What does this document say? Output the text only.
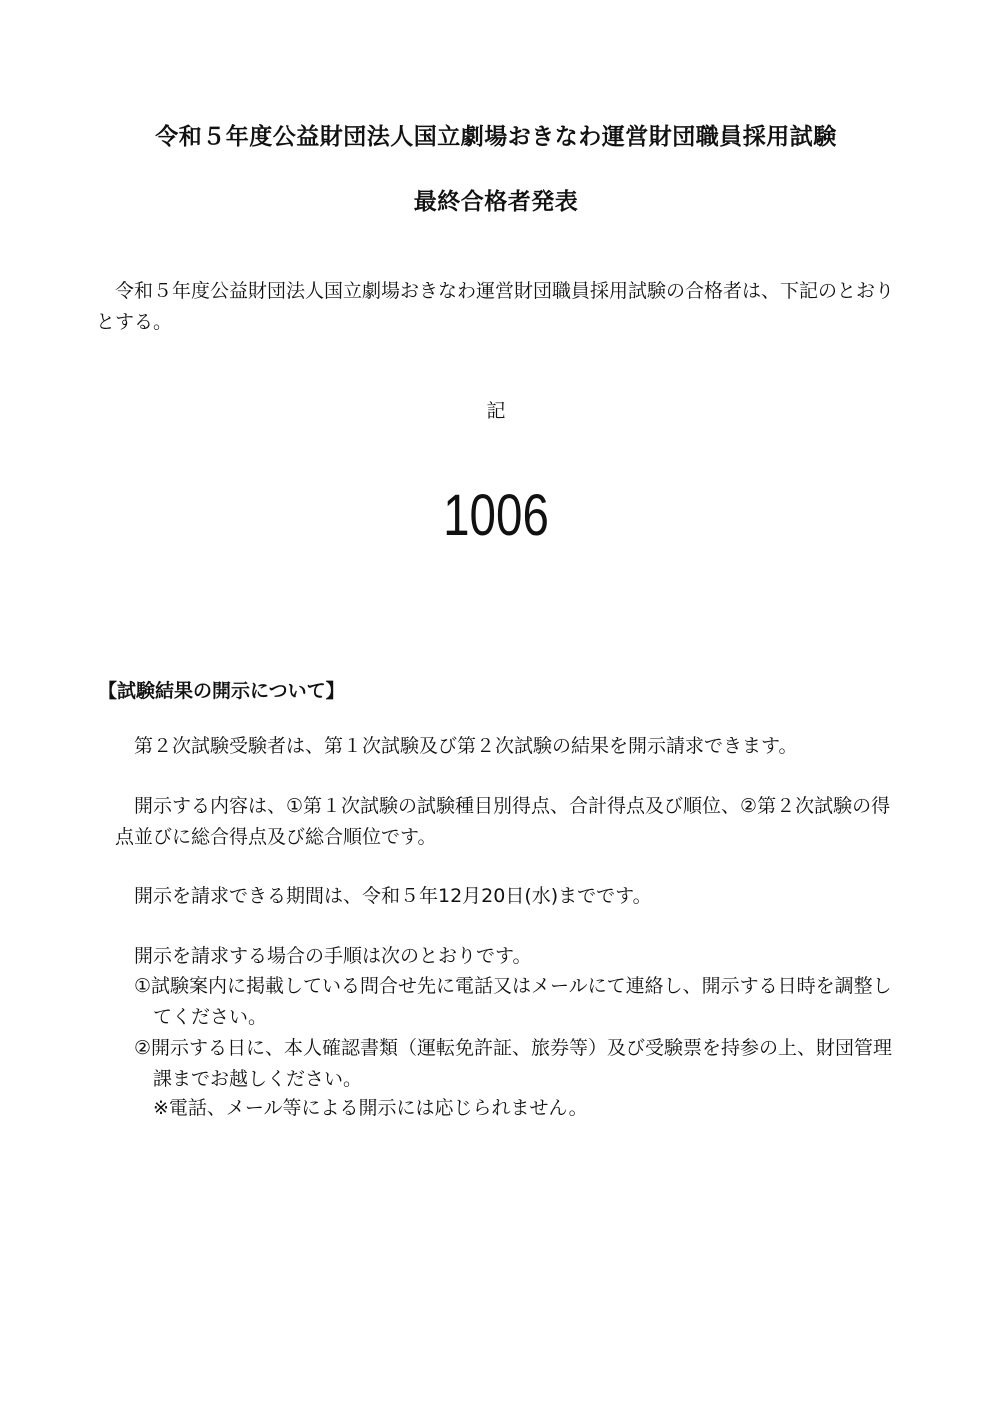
令和５年度公益財団法人国立劇場おきなわ運営財団職員採用試験
最終合格者発表

令和５年度公益財団法人国立劇場おきなわ運営財団職員採用試験の合格者は、下記のとおりとする。

記

1006

【試験結果の開示について】

第２次試験受験者は、第１次試験及び第２次試験の結果を開示請求できます。

開示する内容は、①第１次試験の試験種目別得点、合計得点及び順位、②第２次試験の得点並びに総合得点及び総合順位です。

開示を請求できる期間は、令和５年12月20日(水)までです。

開示を請求する場合の手順は次のとおりです。

①試験案内に掲載している問合せ先に電話又はメールにて連絡し、開示する日時を調整してください。
②開示する日に、本人確認書類（運転免許証、旅券等）及び受験票を持参の上、財団管理課までお越しください。

※電話、メール等による開示には応じられません。
